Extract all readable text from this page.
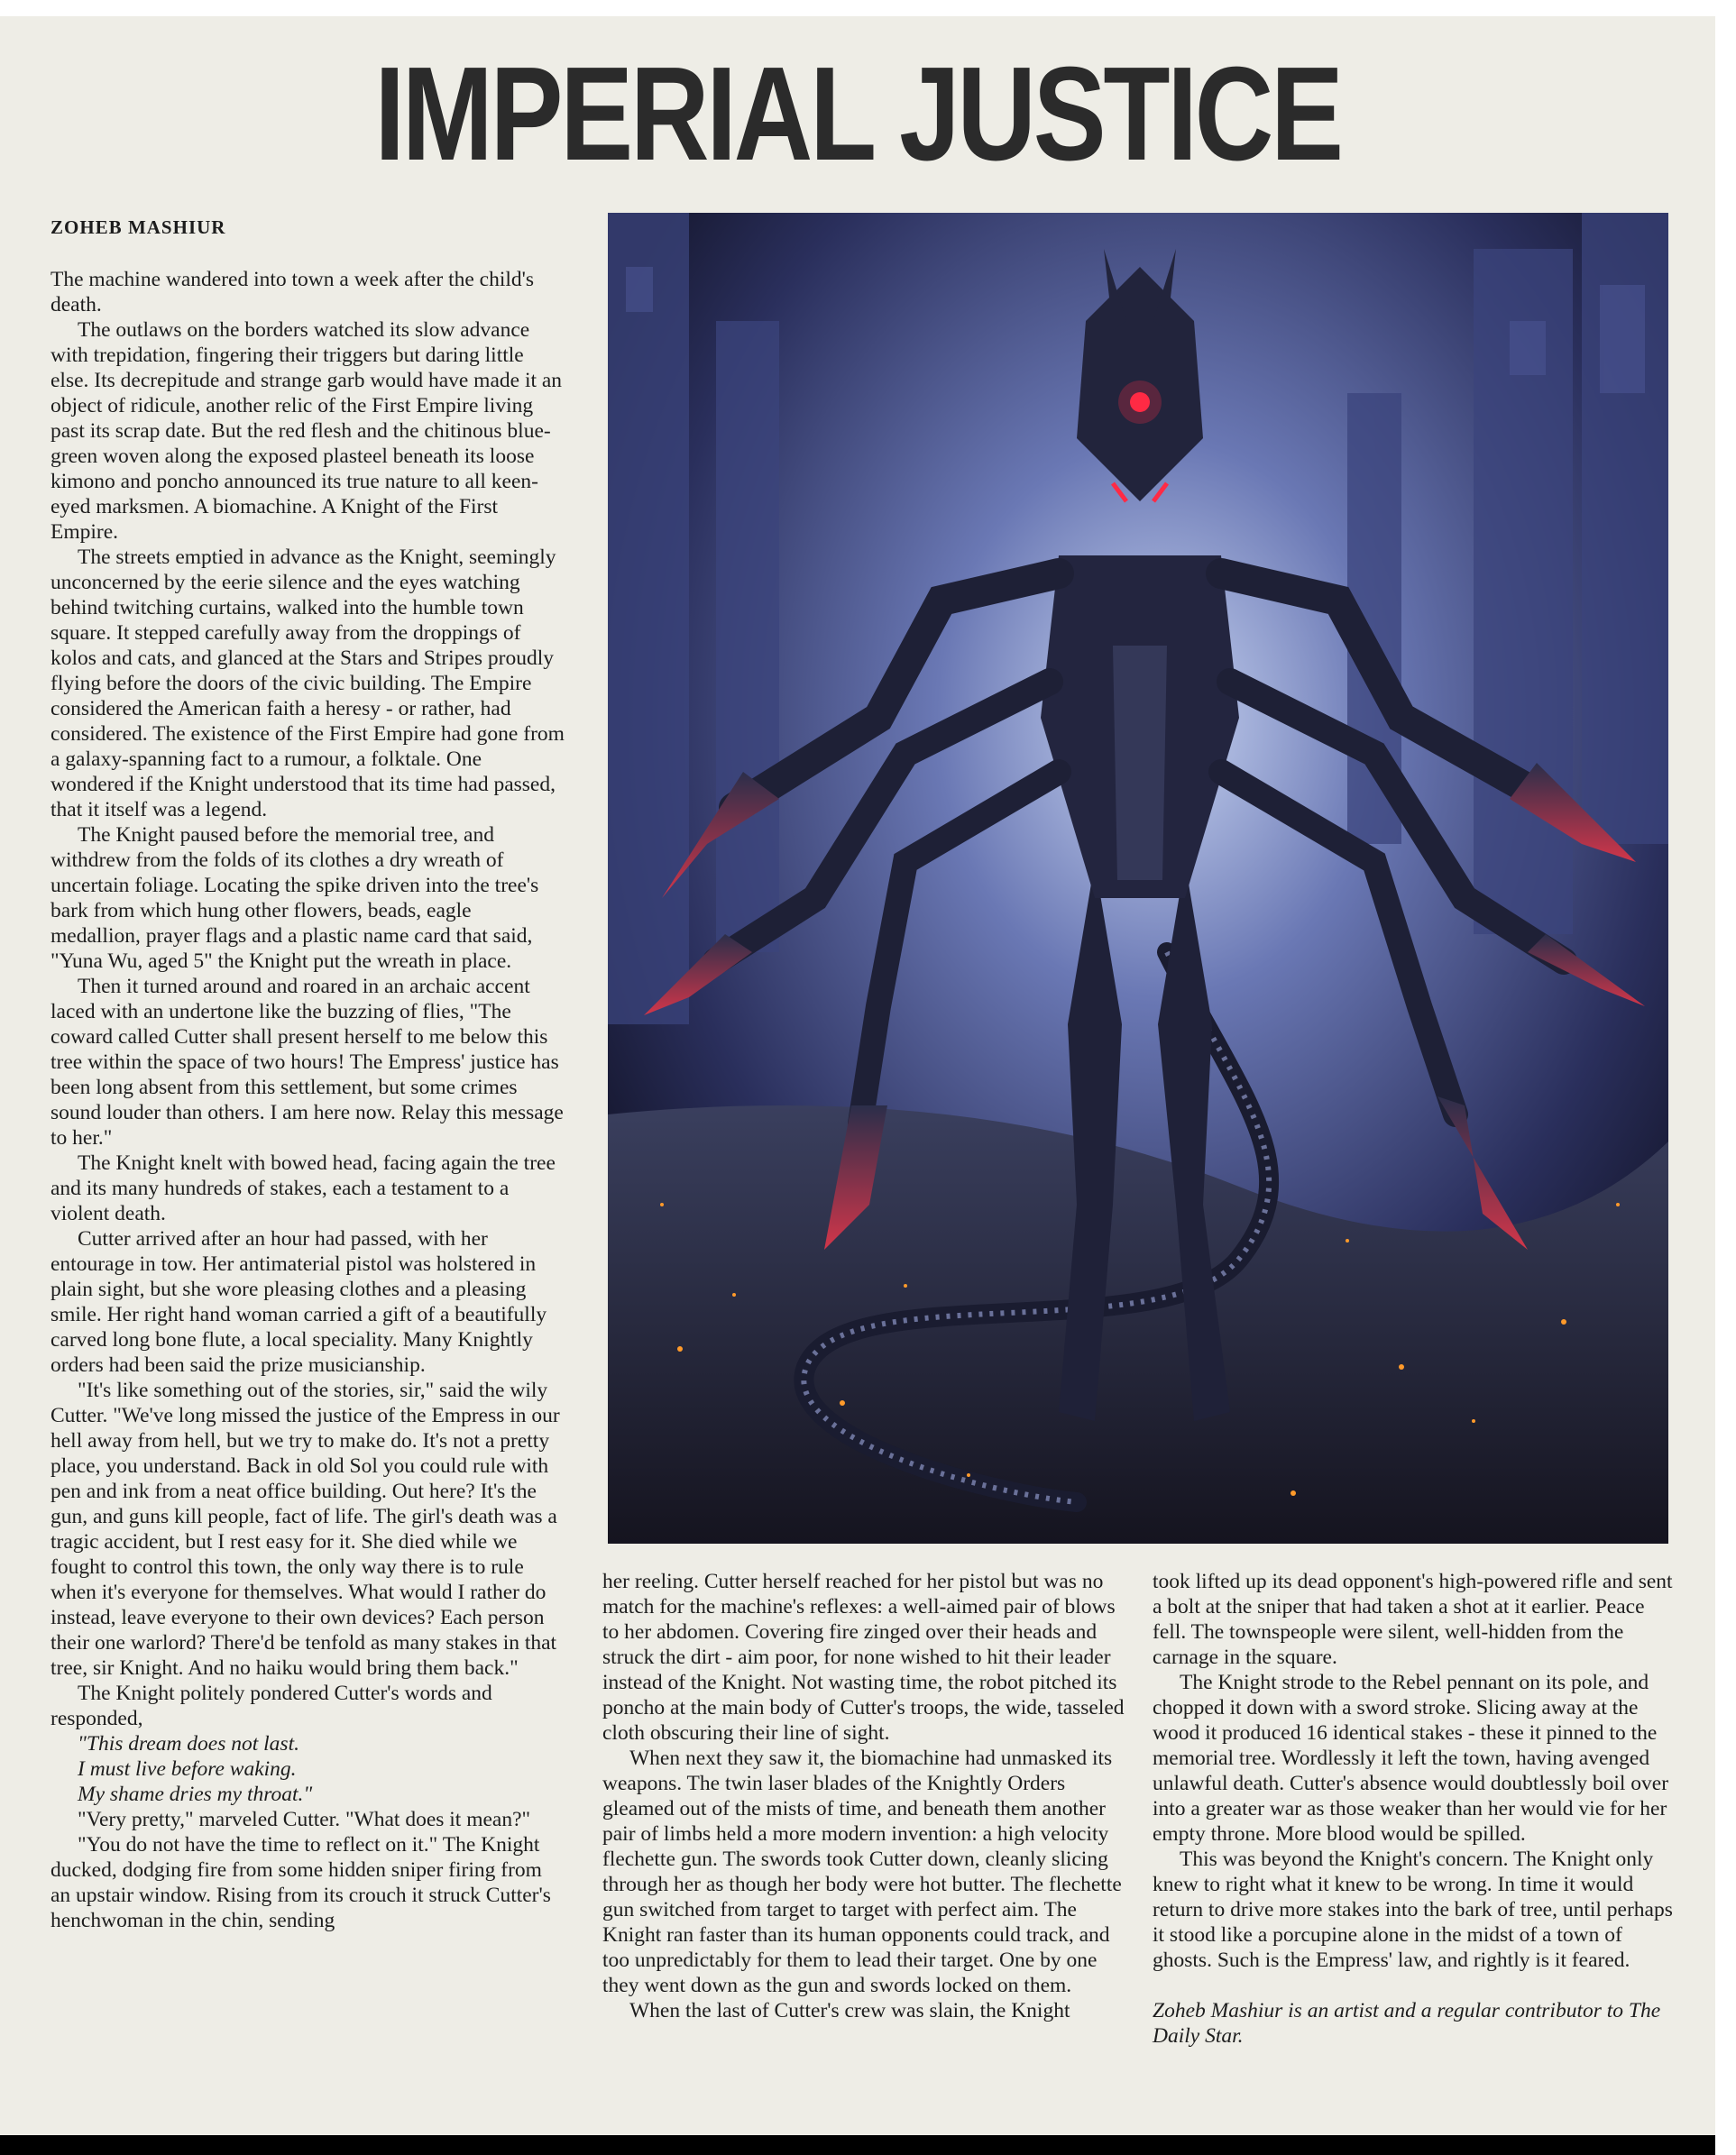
IMPERIAL JUSTICE
ZOHEB MASHIUR

The machine wandered into town a week after the child's death.

The outlaws on the borders watched its slow advance with trepidation, fingering their triggers but daring little else. Its decrepitude and strange garb would have made it an object of ridicule, another relic of the First Empire living past its scrap date. But the red flesh and the chitinous blue-green woven along the exposed plasteel beneath its loose kimono and poncho announced its true nature to all keen-eyed marksmen. A biomachine. A Knight of the First Empire.

The streets emptied in advance as the Knight, seemingly unconcerned by the eerie silence and the eyes watching behind twitching curtains, walked into the humble town square. It stepped carefully away from the droppings of kolos and cats, and glanced at the Stars and Stripes proudly flying before the doors of the civic building. The Empire considered the American faith a heresy - or rather, had considered. The existence of the First Empire had gone from a galaxy-spanning fact to a rumour, a folktale. One wondered if the Knight understood that its time had passed, that it itself was a legend.

The Knight paused before the memorial tree, and withdrew from the folds of its clothes a dry wreath of uncertain foliage. Locating the spike driven into the tree's bark from which hung other flowers, beads, eagle medallion, prayer flags and a plastic name card that said, "Yuna Wu, aged 5" the Knight put the wreath in place.

Then it turned around and roared in an archaic accent laced with an undertone like the buzzing of flies, "The coward called Cutter shall present herself to me below this tree within the space of two hours! The Empress' justice has been long absent from this settlement, but some crimes sound louder than others. I am here now. Relay this message to her."

The Knight knelt with bowed head, facing again the tree and its many hundreds of stakes, each a testament to a violent death.

Cutter arrived after an hour had passed, with her entourage in tow. Her antimaterial pistol was holstered in plain sight, but she wore pleasing clothes and a pleasing smile. Her right hand woman carried a gift of a beautifully carved long bone flute, a local speciality. Many Knightly orders had been said the prize musicianship.

"It's like something out of the stories, sir," said the wily Cutter. "We've long missed the justice of the Empress in our hell away from hell, but we try to make do. It's not a pretty place, you understand. Back in old Sol you could rule with pen and ink from a neat office building. Out here? It's the gun, and guns kill people, fact of life. The girl's death was a tragic accident, but I rest easy for it. She died while we fought to control this town, the only way there is to rule when it's everyone for themselves. What would I rather do instead, leave everyone to their own devices? Each person their one warlord? There'd be tenfold as many stakes in that tree, sir Knight. And no haiku would bring them back."

The Knight politely pondered Cutter's words and responded,

"This dream does not last.

I must live before waking.

My shame dries my throat."

"Very pretty," marveled Cutter. "What does it mean?"

"You do not have the time to reflect on it." The Knight ducked, dodging fire from some hidden sniper firing from an upstair window. Rising from its crouch it struck Cutter's henchwoman in the chin, sending

her reeling. Cutter herself reached for her pistol but was no match for the machine's reflexes: a well-aimed pair of blows to her abdomen. Covering fire zinged over their heads and struck the dirt - aim poor, for none wished to hit their leader instead of the Knight. Not wasting time, the robot pitched its poncho at the main body of Cutter's troops, the wide, tasseled cloth obscuring their line of sight.

When next they saw it, the biomachine had unmasked its weapons. The twin laser blades of the Knightly Orders gleamed out of the mists of time, and beneath them another pair of limbs held a more modern invention: a high velocity flechette gun. The swords took Cutter down, cleanly slicing through her as though her body were hot butter. The flechette gun switched from target to target with perfect aim. The Knight ran faster than its human opponents could track, and too unpredictably for them to lead their target. One by one they went down as the gun and swords locked on them.

When the last of Cutter's crew was slain, the Knight

took lifted up its dead opponent's high-powered rifle and sent a bolt at the sniper that had taken a shot at it earlier. Peace fell. The townspeople were silent, well-hidden from the carnage in the square.

The Knight strode to the Rebel pennant on its pole, and chopped it down with a sword stroke. Slicing away at the wood it produced 16 identical stakes - these it pinned to the memorial tree. Wordlessly it left the town, having avenged unlawful death. Cutter's absence would doubtlessly boil over into a greater war as those weaker than her would vie for her empty throne. More blood would be spilled.

This was beyond the Knight's concern. The Knight only knew to right what it knew to be wrong. In time it would return to drive more stakes into the bark of tree, until perhaps it stood like a porcupine alone in the midst of a town of ghosts. Such is the Empress' law, and rightly is it feared.

Zoheb Mashiur is an artist and a regular contributor to The Daily Star.
